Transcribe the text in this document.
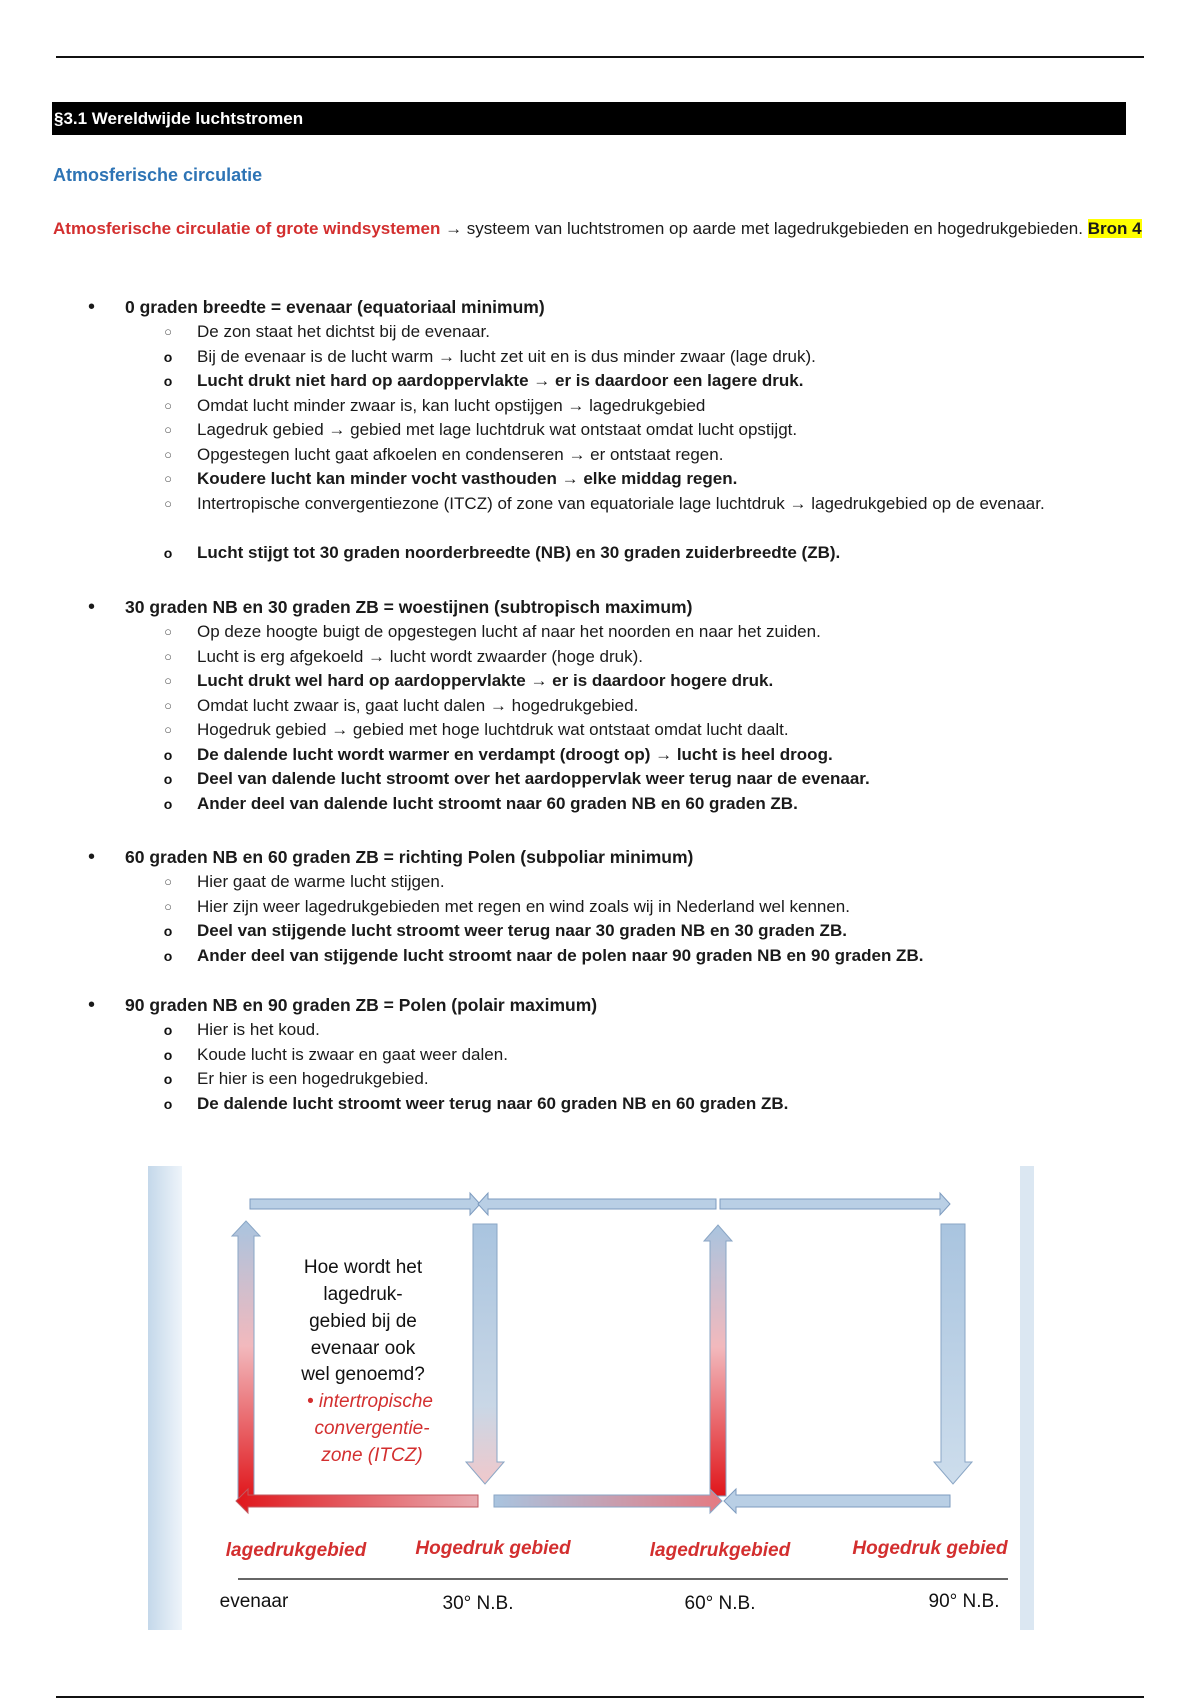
§3.1 Wereldwijde luchtstromen
Atmosferische circulatie
Atmosferische circulatie of grote windsystemen → systeem van luchtstromen op aarde met lagedrukgebieden en hogedrukgebieden. Bron 4
• 0 graden breedte = evenaar (equatoriaal minimum)
○ De zon staat het dichtst bij de evenaar.
o Bij de evenaar is de lucht warm → lucht zet uit en is dus minder zwaar (lage druk).
o Lucht drukt niet hard op aardoppervlakte → er is daardoor een lagere druk.
○ Omdat lucht minder zwaar is, kan lucht opstijgen → lagedrukgebied
○ Lagedruk gebied → gebied met lage luchtdruk wat ontstaat omdat lucht opstijgt.
○ Opgestegen lucht gaat afkoelen en condenseren → er ontstaat regen.
○ Koudere lucht kan minder vocht vasthouden → elke middag regen.
○ Intertropische convergentiezone (ITCZ) of zone van equatoriale lage luchtdruk → lagedrukgebied op de evenaar.
o Lucht stijgt tot 30 graden noorderbreedte (NB) en 30 graden zuiderbreedte (ZB).
• 30 graden NB en 30 graden ZB = woestijnen (subtropisch maximum)
○ Op deze hoogte buigt de opgestegen lucht af naar het noorden en naar het zuiden.
○ Lucht is erg afgekoeld → lucht wordt zwaarder (hoge druk).
○ Lucht drukt wel hard op aardoppervlakte → er is daardoor hogere druk.
○ Omdat lucht zwaar is, gaat lucht dalen → hogedrukgebied.
○ Hogedruk gebied → gebied met hoge luchtdruk wat ontstaat omdat lucht daalt.
o De dalende lucht wordt warmer en verdampt (droogt op) → lucht is heel droog.
o Deel van dalende lucht stroomt over het aardoppervlak weer terug naar de evenaar.
o Ander deel van dalende lucht stroomt naar 60 graden NB en 60 graden ZB.
• 60 graden NB en 60 graden ZB = richting Polen (subpoliar minimum)
○ Hier gaat de warme lucht stijgen.
○ Hier zijn weer lagedrukgebieden met regen en wind zoals wij in Nederland wel kennen.
o Deel van stijgende lucht stroomt weer terug naar 30 graden NB en 30 graden ZB.
o Ander deel van stijgende lucht stroomt naar de polen naar 90 graden NB en 90 graden ZB.
• 90 graden NB en 90 graden ZB = Polen (polair maximum)
o Hier is het koud.
o Koude lucht is zwaar en gaat weer dalen.
o Er hier is een hogedrukgebied.
o De dalende lucht stroomt weer terug naar 60 graden NB en 60 graden ZB.
Hoe wordt het
lagedruk-
gebied bij de
evenaar ook
wel genoemd?
• intertropische
convergentie-
zone (ITCZ)
lagedrukgebied	Hogedruk gebied	lagedrukgebied	Hogedruk gebied
evenaar	30° N.B.	60° N.B.	90° N.B.
